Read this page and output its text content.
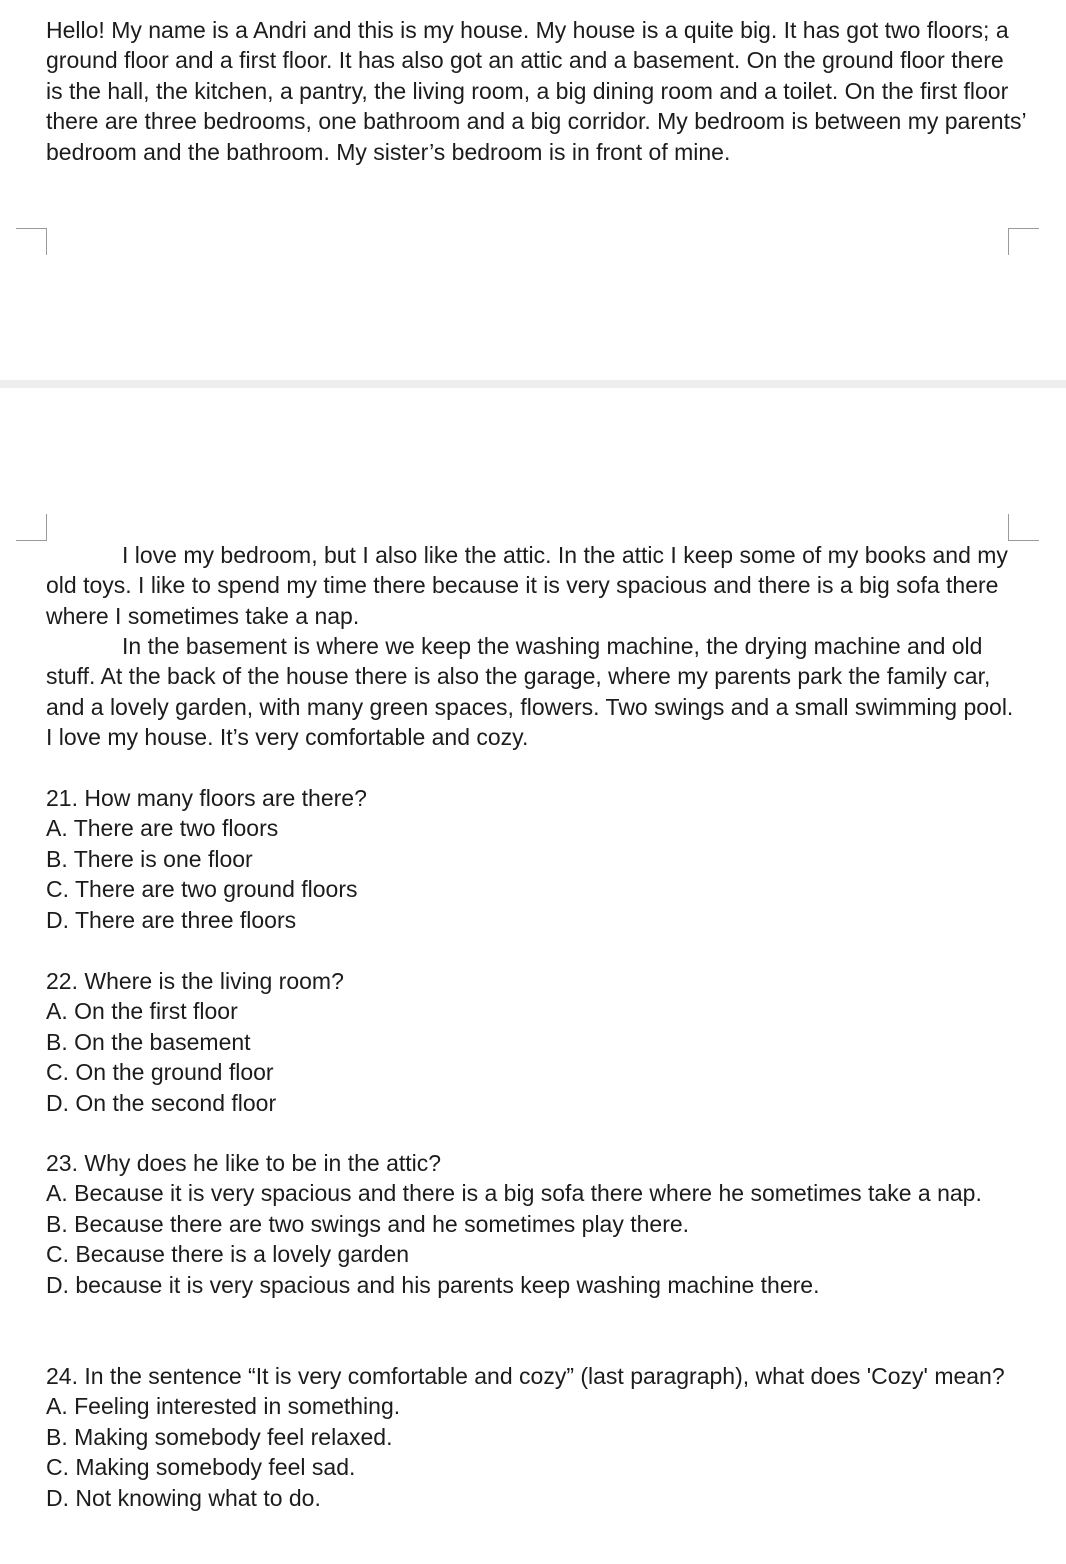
Hello! My name is a Andri and this is my house. My house is a quite big. It has got two floors; a ground floor and a first floor. It has also got an attic and a basement. On the ground floor there is the hall, the kitchen, a pantry, the living room, a big dining room and a toilet. On the first floor there are three bedrooms, one bathroom and a big corridor. My bedroom is between my parents’ bedroom and the bathroom. My sister’s bedroom is in front of mine.

I love my bedroom, but I also like the attic. In the attic I keep some of my books and my old toys. I like to spend my time there because it is very spacious and there is a big sofa there where I sometimes take a nap.

In the basement is where we keep the washing machine, the drying machine and old stuff. At the back of the house there is also the garage, where my parents park the family car, and a lovely garden, with many green spaces, flowers. Two swings and a small swimming pool. I love my house. It’s very comfortable and cozy.

21. How many floors are there?
A. There are two floors
B. There is one floor
C. There are two ground floors
D. There are three floors
22. Where is the living room?
A. On the first floor
B. On the basement
C. On the ground floor
D. On the second floor
23. Why does he like to be in the attic?
A. Because it is very spacious and there is a big sofa there where he sometimes take a nap.
B. Because there are two swings and he sometimes play there.
C. Because there is a lovely garden
D. because it is very spacious and his parents keep washing machine there.
24. In the sentence “It is very comfortable and cozy” (last paragraph), what does 'Cozy' mean?
A. Feeling interested in something.
B. Making somebody feel relaxed.
C. Making somebody feel sad.
D. Not knowing what to do.
